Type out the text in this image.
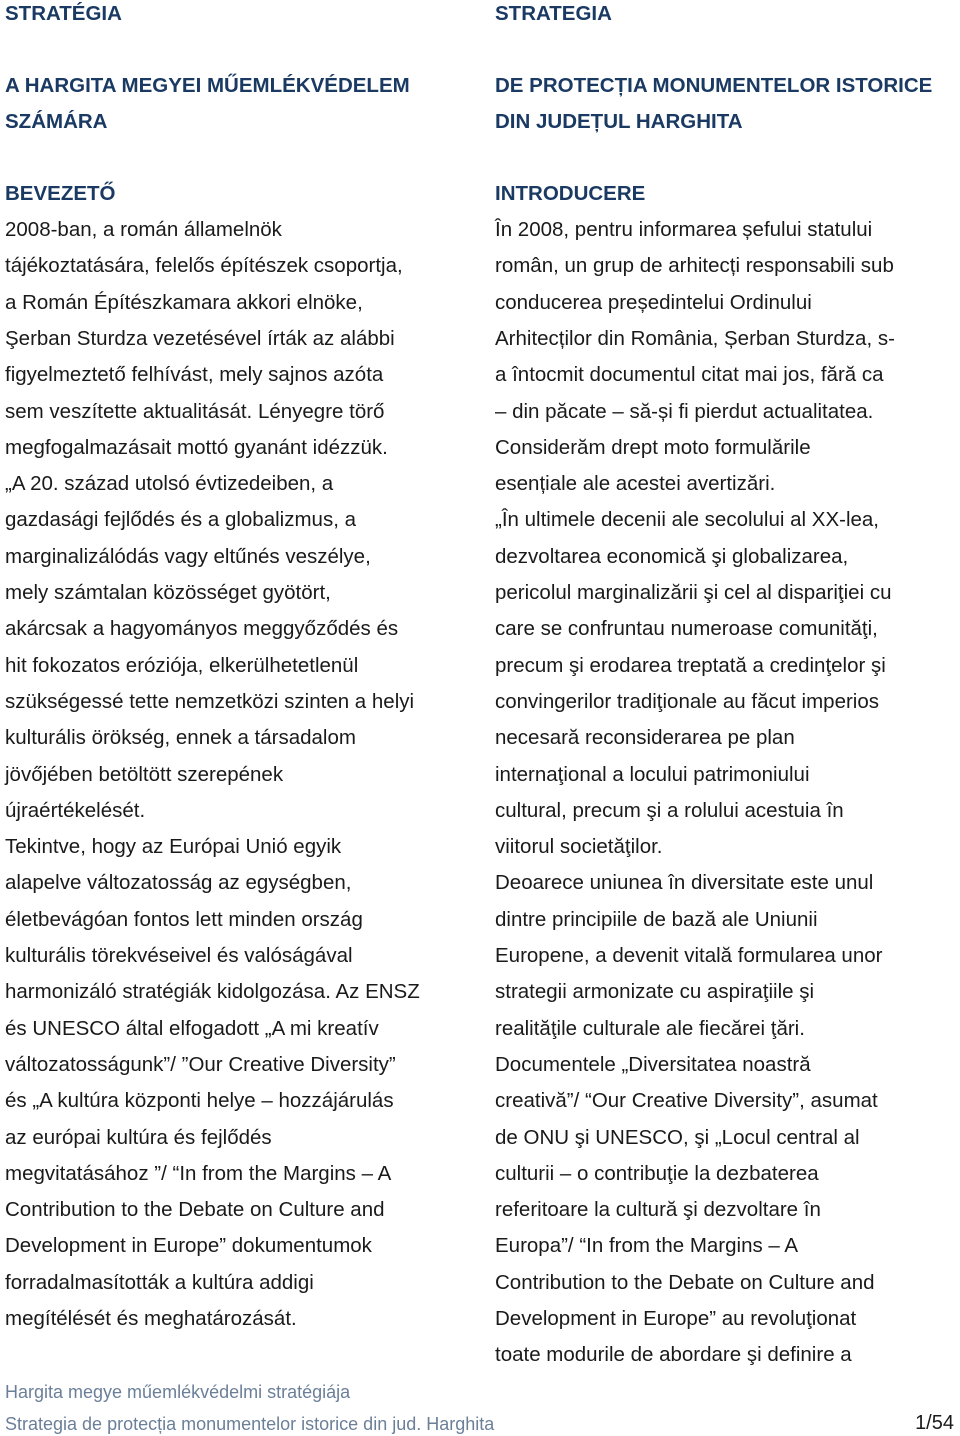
STRATÉGIA
A HARGITA MEGYEI MŰEMLÉKVÉDELEM
SZÁMÁRA
BEVEZETŐ
2008-ban, a román államelnök
tájékoztatására, felelős építészek csoportja,
a Román Építészkamara akkori elnöke,
Şerban Sturdza vezetésével írták az alábbi
figyelmeztető felhívást, mely sajnos azóta
sem veszítette aktualitását. Lényegre törő
megfogalmazásait mottó gyanánt idézzük.
„A 20. század utolsó évtizedeiben, a
gazdasági fejlődés és a globalizmus, a
marginalizálódás vagy eltűnés veszélye,
mely számtalan közösséget gyötört,
akárcsak a hagyományos meggyőződés és
hit fokozatos eróziója, elkerülhetetlenül
szükségessé tette nemzetközi szinten a helyi
kulturális örökség, ennek a társadalom
jövőjében betöltött szerepének
újraértékelését.
Tekintve, hogy az Európai Unió egyik
alapelve változatosság az egységben,
életbevágóan fontos lett minden ország
kulturális törekvéseivel és valóságával
harmonizáló stratégiák kidolgozása. Az ENSZ
és UNESCO által elfogadott „A mi kreatív
változatosságunk”/ ”Our Creative Diversity”
és „A kultúra központi helye – hozzájárulás
az európai kultúra és fejlődés
megvitatásához ”/ “In from the Margins – A
Contribution to the Debate on Culture and
Development in Europe” dokumentumok
forradalmasították a kultúra addigi
megítélését és meghatározását.
STRATEGIA
DE PROTECȚIA MONUMENTELOR ISTORICE
DIN JUDEȚUL HARGHITA
INTRODUCERE
În 2008, pentru informarea șefului statului
român, un grup de arhitecți responsabili sub
conducerea președintelui Ordinului
Arhitecților din România, Șerban Sturdza, s-
a întocmit documentul citat mai jos, fără ca
– din păcate – să-și fi pierdut actualitatea.
Considerăm drept moto formulările
esențiale ale acestei avertizări.
„În ultimele decenii ale secolului al XX-lea,
dezvoltarea economică şi globalizarea,
pericolul marginalizării şi cel al dispariţiei cu
care se confruntau numeroase comunităţi,
precum şi erodarea treptată a credinţelor şi
convingerilor tradiţionale au făcut imperios
necesară reconsiderarea pe plan
internaţional a locului patrimoniului
cultural, precum şi a rolului acestuia în
viitorul societăţilor.
Deoarece uniunea în diversitate este unul
dintre principiile de bază ale Uniunii
Europene, a devenit vitală formularea unor
strategii armonizate cu aspiraţiile şi
realităţile culturale ale fiecărei ţări.
Documentele „Diversitatea noastră
creativă”/ “Our Creative Diversity”, asumat
de ONU şi UNESCO, şi „Locul central al
culturii – o contribuţie la dezbaterea
referitoare la cultură şi dezvoltare în
Europa”/ “In from the Margins – A
Contribution to the Debate on Culture and
Development in Europe” au revoluţionat
toate modurile de abordare şi definire a
Hargita megye műemlékvédelmi stratégiája
Strategia de protecția monumentelor istorice din jud. Harghita	1/54
